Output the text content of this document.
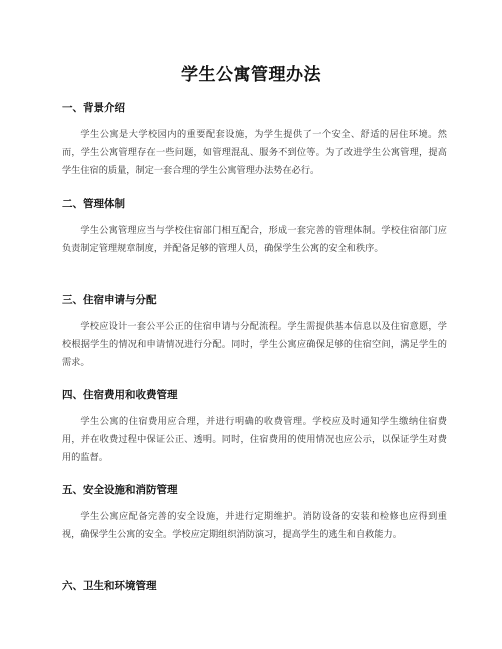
学生公寓管理办法
一、背景介绍

学生公寓是大学校园内的重要配套设施，为学生提供了一个安全、舒适的居住环境。然而，学生公寓管理存在一些问题，如管理混乱、服务不到位等。为了改进学生公寓管理，提高学生住宿的质量，制定一套合理的学生公寓管理办法势在必行。

二、管理体制

学生公寓管理应当与学校住宿部门相互配合，形成一套完善的管理体制。学校住宿部门应负责制定管理规章制度，并配备足够的管理人员，确保学生公寓的安全和秩序。

三、住宿申请与分配

学校应设计一套公平公正的住宿申请与分配流程。学生需提供基本信息以及住宿意愿，学校根据学生的情况和申请情况进行分配。同时，学生公寓应确保足够的住宿空间，满足学生的需求。

四、住宿费用和收费管理

学生公寓的住宿费用应合理，并进行明确的收费管理。学校应及时通知学生缴纳住宿费用，并在收费过程中保证公正、透明。同时，住宿费用的使用情况也应公示，以保证学生对费用的监督。

五、安全设施和消防管理

学生公寓应配备完善的安全设施，并进行定期维护。消防设备的安装和检修也应得到重视，确保学生公寓的安全。学校应定期组织消防演习，提高学生的逃生和自救能力。

六、卫生和环境管理
